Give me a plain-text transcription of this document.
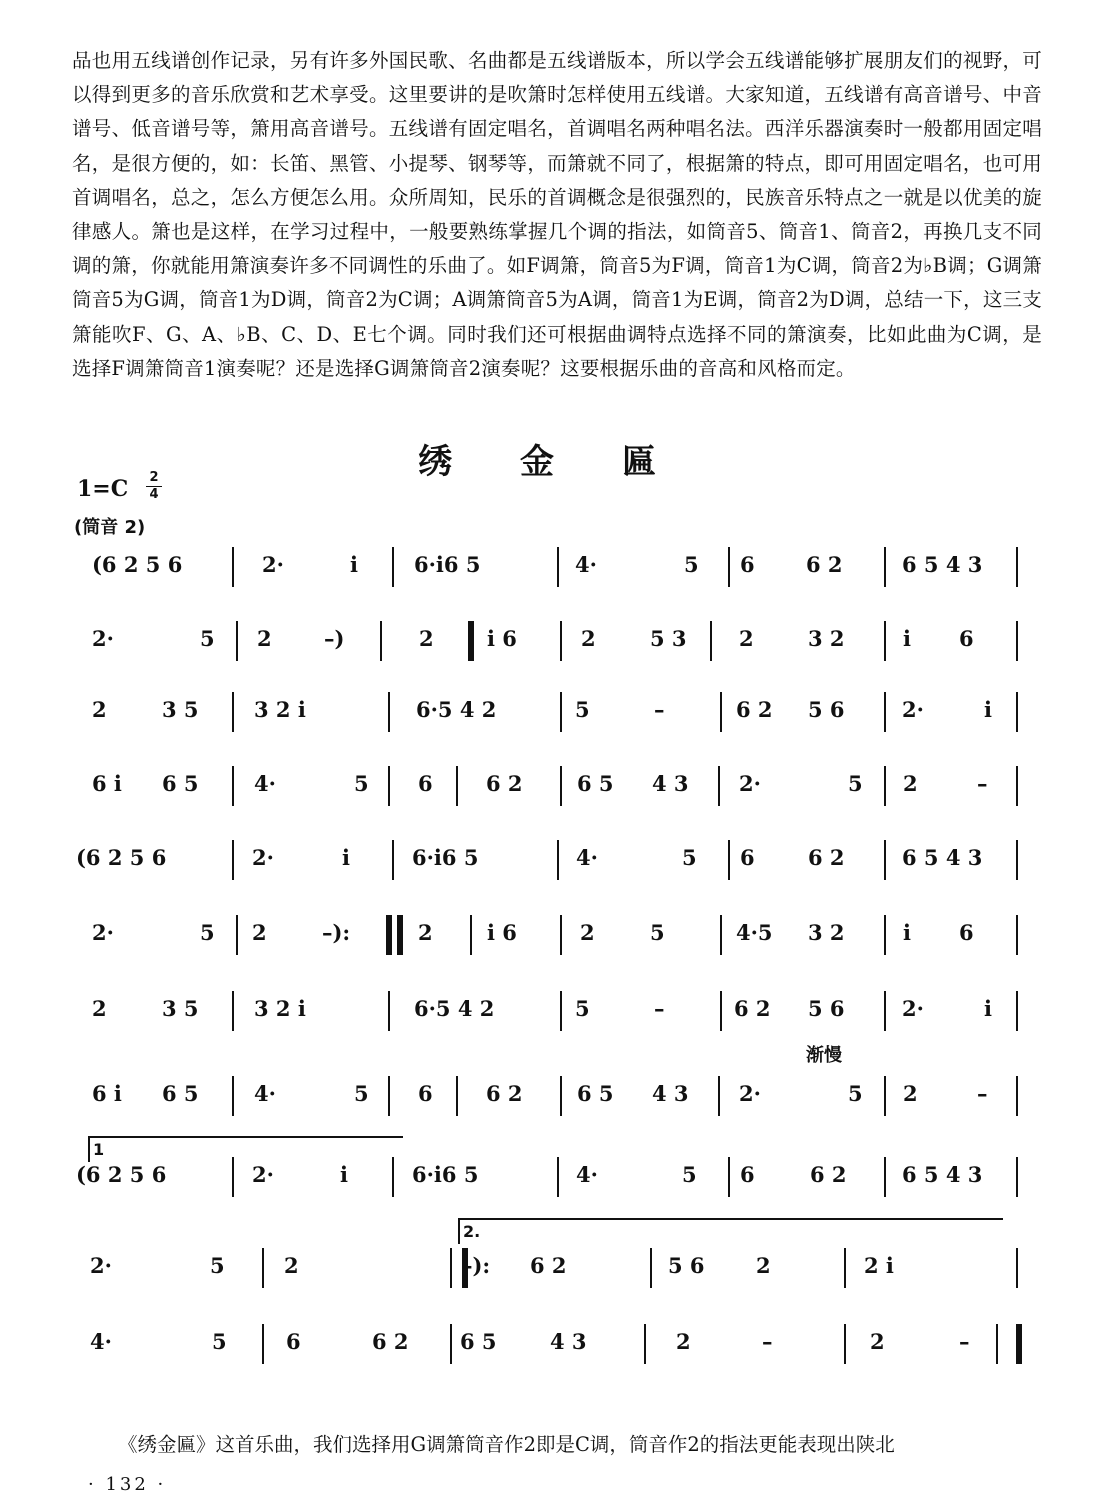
品也用五线谱创作记录，另有许多外国民歌、名曲都是五线谱版本，所以学会五线谱能够扩展朋友们的视野，可以得到更多的音乐欣赏和艺术享受。这里要讲的是吹箫时怎样使用五线谱。大家知道，五线谱有高音谱号、中音谱号、低音谱号等，箫用高音谱号。五线谱有固定唱名，首调唱名两种唱名法。西洋乐器演奏时一般都用固定唱名，是很方便的，如：长笛、黑管、小提琴、钢琴等，而箫就不同了，根据箫的特点，即可用固定唱名，也可用首调唱名，总之，怎么方便怎么用。众所周知，民乐的首调概念是很强烈的，民族音乐特点之一就是以优美的旋律感人。箫也是这样，在学习过程中，一般要熟练掌握几个调的指法，如筒音5、筒音1、筒音2，再换几支不同调的箫，你就能用箫演奏许多不同调性的乐曲了。如F调箫，筒音5为F调，筒音1为C调，筒音2为♭B调；G调箫筒音5为G调，筒音1为D调，筒音2为C调；A调箫筒音5为A调，筒音1为E调，筒音2为D调，总结一下，这三支箫能吹F、G、A、♭B、C、D、E七个调。同时我们还可根据曲调特点选择不同的箫演奏，比如此曲为C调，是选择F调箫筒音1演奏呢？还是选择G调箫筒音2演奏呢？这要根据乐曲的音高和风格而定。

绣 金 匾
1=C 2
4
(筒音 2)
(6 2 5 6	2·	i	6·i6 5	4·	5 6 6 2	6 5 4 3
2·	5 2 –)	2	i 6	2	5 3 2	3 2	i 6
2	3 5	3 2 i	6·5 4 2	5	–	6 2 5 6	2·	i
6 i 6 5	4·	5 6	6 2	6 5 4 3 2·	5 2	–
(6 2 5 6	2·	i	6·i6 5	4·	5 6	6 2	6 5 4 3
2·	5 2	–):	2	i 6	2	5	4·5 3 2	i 6
2	3 5	3 2 i	6·5 4 2	5	–	6 2 5 6	2·	i
6 i 6 5	4·	5 6	6 2	6 5 4 3 2·	5 2	–
(6 2 5 6	2·	i	6·i6 5	4·	5 6	6 2	6 5 4 3
2·	5	2	–): 6 2	5 6 2	2 i
4·	5	6	6 2 6 5	4 3	2	–	2	–
1
2.
渐慢
《绣金匾》这首乐曲，我们选择用G调箫筒音作2即是C调，筒音作2的指法更能表现出陕北
· 132 ·
